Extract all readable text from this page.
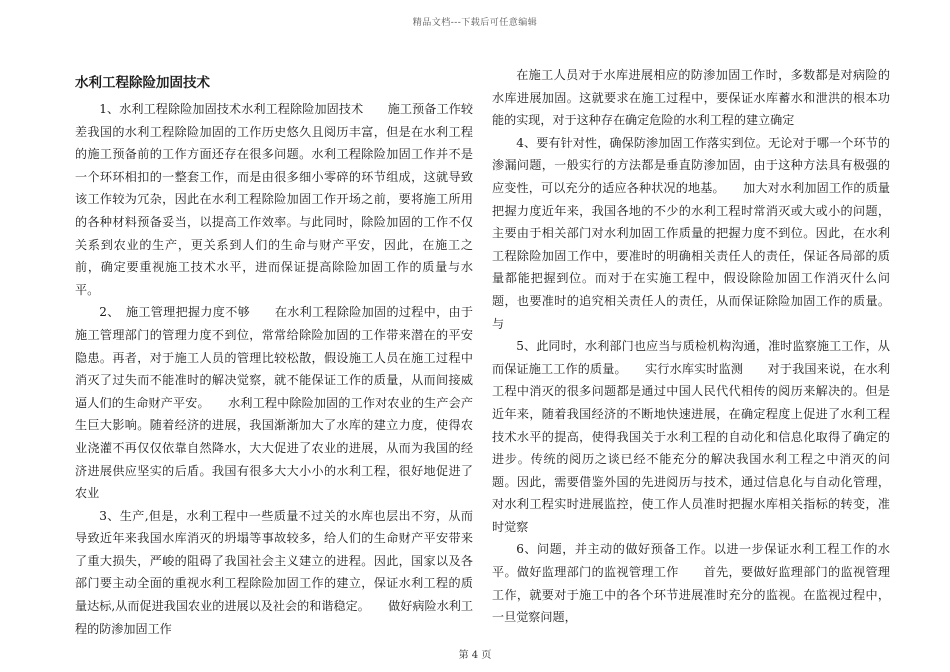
精品文档---下载后可任意编辑
水利工程除险加固技术

1、水利工程除险加固技术水利工程除险加固技术　　施工预备工作较差我国的水利工程除险加固的工作历史悠久且阅历丰富，但是在水利工程的施工预备前的工作方面还存在很多问题。水利工程除险加固工作并不是一个环环相扣的一整套工作，而是由很多细小零碎的环节组成，这就导致该工作较为冗杂，因此在水利工程除险加固工作开场之前，要将施工所用的各种材料预备妥当，以提高工作效率。与此同时，除险加固的工作不仅关系到农业的生产，更关系到人们的生命与财产平安，因此，在施工之前，确定要重视施工技术水平，进而保证提高除险加固工作的质量与水平。

2、　施工管理把握力度不够　　在水利工程除险加固的过程中，由于施工管理部门的管理力度不到位，常常给除险加固的工作带来潜在的平安隐患。再者，对于施工人员的管理比较松散，假设施工人员在施工过程中消灭了过失而不能准时的解决觉察，就不能保证工作的质量，从而间接威逼人们的生命财产平安。　　水利工程中除险加固的工作对农业的生产会产生巨大影响。随着经济的进展，我国渐渐加大了水库的建立力度，使得农业浇灌不再仅仅依靠自然降水，大大促进了农业的进展，从而为我国的经济进展供应坚实的后盾。我国有很多大大小小的水利工程，很好地促进了农业

3、生产,但是，水利工程中一些质量不过关的水库也层出不穷，从而导致近年来我国水库消灭的坍塌等事故较多，给人们的生命财产平安带来了重大损失，严峻的阻碍了我国社会主义建立的进程。因此，国家以及各部门要主动全面的重视水利工程除险加固工作的建立，保证水利工程的质量达标,从而促进我国农业的进展以及社会的和谐稳定。　　做好病险水利工程的防渗加固工作

在施工人员对于水库进展相应的防渗加固工作时，多数都是对病险的水库进展加固。这就要求在施工过程中，要保证水库蓄水和泄洪的根本功能的实现，对于这种存在确定危险的水利工程的建立确定

4、要有针对性，确保防渗加固工作落实到位。无论对于哪一个环节的渗漏问题，一般实行的方法都是垂直防渗加固，由于这种方法具有极强的应变性，可以充分的适应各种状况的地基。　　加大对水利加固工作的质量把握力度近年来，我国各地的不少的水利工程时常消灭或大或小的问题，主要由于相关部门对水利加固工作质量的把握力度不到位。因此，在水利工程除险加固工作中，要准时的明确相关责任人的责任，保证各局部的质量都能把握到位。而对于在实施工程中，假设除险加固工作消灭什么问题，也要准时的追究相关责任人的责任，从而保证除险加固工作的质量。与

5、此同时，水利部门也应当与质检机构沟通，准时监察施工工作，从而保证施工工作的质量。　　实行水库实时监测　　对于我国来说，在水利工程中消灭的很多问题都是通过中国人民代代相传的阅历来解决的。但是近年来，随着我国经济的不断地快速进展，在确定程度上促进了水利工程技术水平的提高，使得我国关于水利工程的自动化和信息化取得了确定的进步。传统的阅历之谈已经不能充分的解决我国水利工程之中消灭的问题。因此，需要借鉴外国的先进阅历与技术，通过信息化与自动化管理，对水利工程实时进展监控，使工作人员准时把握水库相关指标的转变，准时觉察

6、问题，并主动的做好预备工作。以进一步保证水利工程工作的水平。做好监理部门的监视管理工作　　首先，要做好监理部门的监视管理工作，就要对于施工中的各个环节进展准时充分的监视。在监视过程中，一旦觉察问题，

第 4 页
